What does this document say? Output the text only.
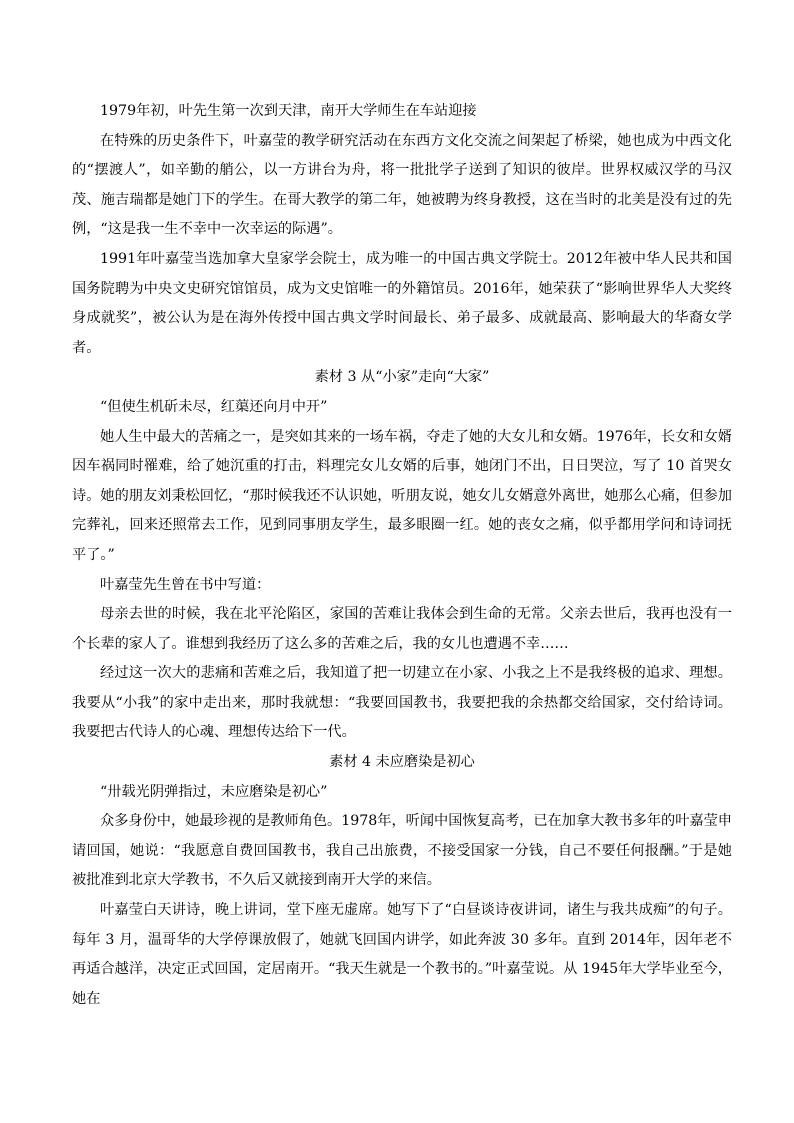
1979年初，叶先生第一次到天津，南开大学师生在车站迎接

在特殊的历史条件下，叶嘉莹的教学研究活动在东西方文化交流之间架起了桥梁，她也成为中西文化的“摆渡人”，如辛勤的艄公，以一方讲台为舟，将一批批学子送到了知识的彼岸。世界权威汉学的马汉茂、施吉瑞都是她门下的学生。在哥大教学的第二年，她被聘为终身教授，这在当时的北美是没有过的先例，“这是我一生不幸中一次幸运的际遇”。

1991年叶嘉莹当选加拿大皇家学会院士，成为唯一的中国古典文学院士。2012年被中华人民共和国国务院聘为中央文史研究馆馆员，成为文史馆唯一的外籍馆员。2016年，她荣获了“影响世界华人大奖终身成就奖”，被公认为是在海外传授中国古典文学时间最长、弟子最多、成就最高、影响最大的华裔女学者。

素材 3 从“小家”走向“大家”

“但使生机斫未尽，红蕖还向月中开”

她人生中最大的苦痛之一，是突如其来的一场车祸，夺走了她的大女儿和女婿。1976年，长女和女婿因车祸同时罹难，给了她沉重的打击，料理完女儿女婿的后事，她闭门不出，日日哭泣，写了 10 首哭女诗。她的朋友刘秉松回忆，“那时候我还不认识她，听朋友说，她女儿女婿意外离世，她那么心痛，但参加完葬礼，回来还照常去工作，见到同事朋友学生，最多眼圈一红。她的丧女之痛，似乎都用学问和诗词抚平了。”

叶嘉莹先生曾在书中写道：

母亲去世的时候，我在北平沦陷区，家国的苦难让我体会到生命的无常。父亲去世后，我再也没有一个长辈的家人了。谁想到我经历了这么多的苦难之后，我的女儿也遭遇不幸……

经过这一次大的悲痛和苦难之后，我知道了把一切建立在小家、小我之上不是我终极的追求、理想。我要从“小我”的家中走出来，那时我就想：“我要回国教书，我要把我的余热都交给国家，交付给诗词。我要把古代诗人的心魂、理想传达给下一代。

素材 4 未应磨染是初心

“卅载光阴弹指过，未应磨染是初心”

众多身份中，她最珍视的是教师角色。1978年，听闻中国恢复高考，已在加拿大教书多年的叶嘉莹申请回国，她说：“我愿意自费回国教书，我自己出旅费，不接受国家一分钱，自己不要任何报酬。”于是她被批准到北京大学教书，不久后又就接到南开大学的来信。

叶嘉莹白天讲诗，晚上讲词，堂下座无虚席。她写下了“白昼谈诗夜讲词，诸生与我共成痴”的句子。每年 3 月，温哥华的大学停课放假了，她就飞回国内讲学，如此奔波 30 多年。直到 2014年，因年老不再适合越洋，决定正式回国，定居南开。“我天生就是一个教书的。”叶嘉莹说。从 1945年大学毕业至今，她在
